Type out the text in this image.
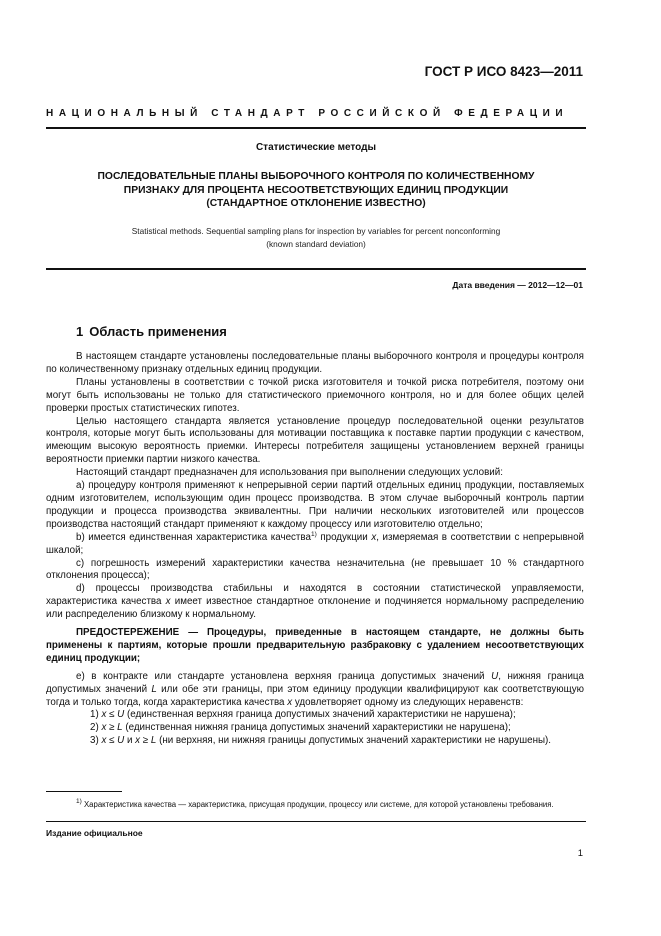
ГОСТ Р ИСО 8423—2011
НАЦИОНАЛЬНЫЙ СТАНДАРТ РОССИЙСКОЙ ФЕДЕРАЦИИ
Статистические методы
ПОСЛЕДОВАТЕЛЬНЫЕ ПЛАНЫ ВЫБОРОЧНОГО КОНТРОЛЯ ПО КОЛИЧЕСТВЕННОМУ
ПРИЗНАКУ ДЛЯ ПРОЦЕНТА НЕСООТВЕТСТВУЮЩИХ ЕДИНИЦ ПРОДУКЦИИ
(СТАНДАРТНОЕ ОТКЛОНЕНИЕ ИЗВЕСТНО)
Statistical methods. Sequential sampling plans for inspection by variables for percent nonconforming
(known standard deviation)
Дата введения — 2012—12—01
1 Область применения

В настоящем стандарте установлены последовательные планы выборочного контроля и процедуры контроля по количественному признаку отдельных единиц продукции.

Планы установлены в соответствии с точкой риска изготовителя и точкой риска потребителя, поэтому они могут быть использованы не только для статистического приемочного контроля, но и для более общих целей проверки простых статистических гипотез.

Целью настоящего стандарта является установление процедур последовательной оценки результатов контроля, которые могут быть использованы для мотивации поставщика к поставке партии продукции с качеством, имеющим высокую вероятность приемки. Интересы потребителя защищены установлением верхней границы вероятности приемки партии низкого качества.

Настоящий стандарт предназначен для использования при выполнении следующих условий:

а) процедуру контроля применяют к непрерывной серии партий отдельных единиц продукции, поставляемых одним изготовителем, использующим один процесс производства. В этом случае выборочный контроль партии продукции и процесса производства эквивалентны. При наличии нескольких изготовителей или процессов производства настоящий стандарт применяют к каждому процессу или изготовителю отдельно;

b) имеется единственная характеристика качества$^{1)}$ продукции x, измеряемая в соответствии с непрерывной шкалой;

c) погрешность измерений характеристики качества незначительна (не превышает 10 % стандартного отклонения процесса);

d) процессы производства стабильны и находятся в состоянии статистической управляемости, характеристика качества x имеет известное стандартное отклонение и подчиняется нормальному распределению или распределению близкому к нормальному.

ПРЕДОСТЕРЕЖЕНИЕ — Процедуры, приведенные в настоящем стандарте, не должны быть применены к партиям, которые прошли предварительную разбраковку с удалением несоответствующих единиц продукции;

е) в контракте или стандарте установлена верхняя граница допустимых значений U, нижняя граница допустимых значений L или обе эти границы, при этом единицу продукции квалифицируют как соответствующую тогда и только тогда, когда характеристика качества x удовлетворяет одному из следующих неравенств:

1) x ≤ U (единственная верхняя граница допустимых значений характеристики не нарушена);

2) x ≥ L (единственная нижняя граница допустимых значений характеристики не нарушена);

3) x ≤ U и x ≥ L (ни верхняя, ни нижняя границы допустимых значений характеристики не нарушены).

$^{1)}$ Характеристика качества — характеристика, присущая продукции, процессу или системе, для которой установлены требования.
Издание официальное
1
